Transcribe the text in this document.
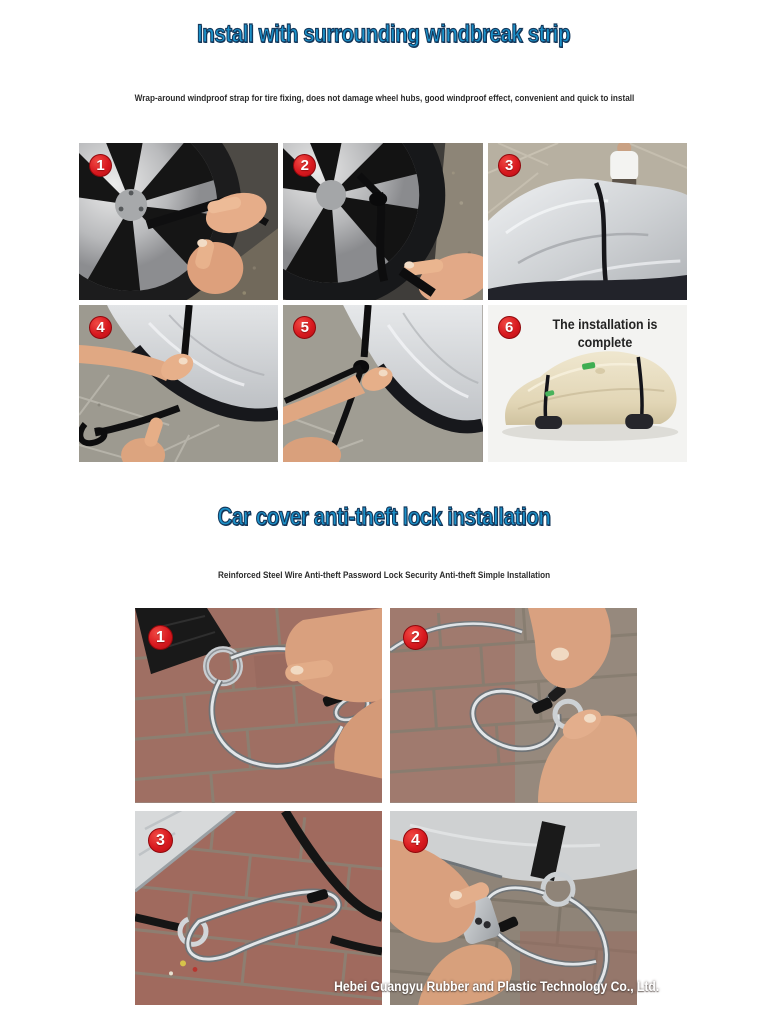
Install with surrounding windbreak strip

Wrap-around windproof strap for tire fixing, does not damage wheel hubs, good windproof effect, convenient and quick to install

1	2	3
4	5	6	The installation is complete
Car cover anti-theft lock installation

Reinforced Steel Wire Anti-theft Password Lock Security Anti-theft Simple Installation

1	2
3	4
Hebei Guangyu Rubber and Plastic Technology Co., Ltd.
